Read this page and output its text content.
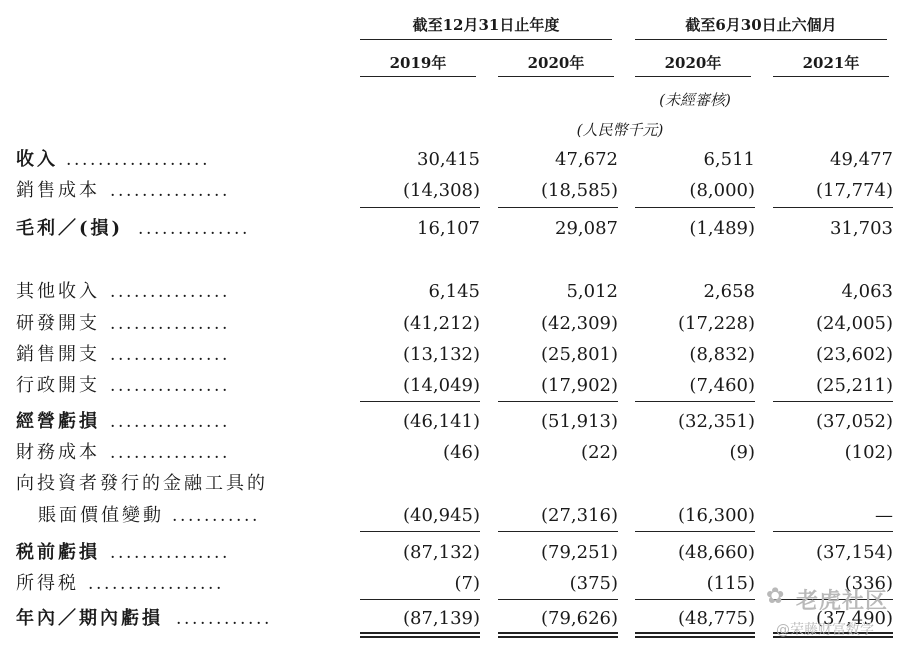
截至12月31日止年度	截至6月30日止六個月
2019年	2020年	2020年	2021年
(未經審核)
(人民幣千元)
收入 ..................	30,415	47,672	6,511	49,477
銷售成本 ...............	(14,308)	(18,585)	(8,000)	(17,774)
毛利／(損) ..............	16,107	29,087	(1,489)	31,703
其他收入 ...............	6,145	5,012	2,658	4,063
研發開支 ...............	(41,212)	(42,309)	(17,228)	(24,005)
銷售開支 ...............	(13,132)	(25,801)	(8,832)	(23,602)
行政開支 ...............	(14,049)	(17,902)	(7,460)	(25,211)
經營虧損 ...............	(46,141)	(51,913)	(32,351)	(37,052)
財務成本 ...............	(46)	(22)	(9)	(102)
向投資者發行的金融工具的
賬面價值變動 ...........	(40,945)	(27,316)	(16,300)	—
税前虧損 ...............	(87,132)	(79,251)	(48,660)	(37,154)
所得税 .................	(7)	(375)	(115)	(336)
年內／期內虧損 ............	(87,139)	(79,626)	(48,775)	(37,490)
✿ 老虎社区
@荣藤财富数学
